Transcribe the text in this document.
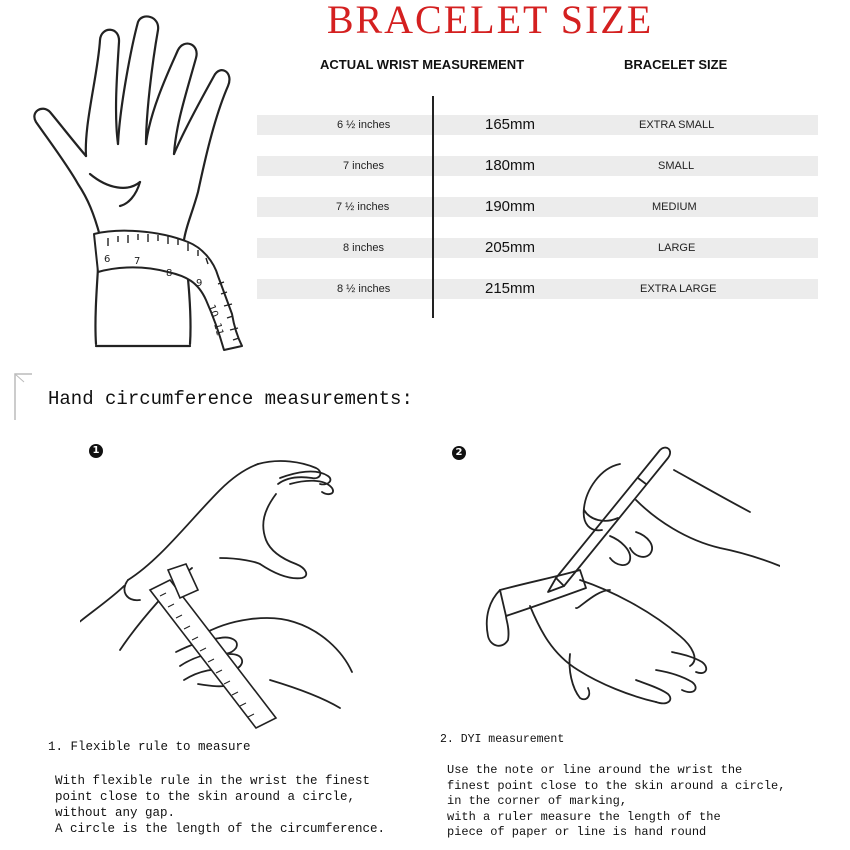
6 7
8
9
10
11
BRACELET SIZE
ACTUAL WRIST MEASUREMENT	BRACELET SIZE
6 ½ inches	165mm	EXTRA SMALL
7 inches	180mm	SMALL
7 ½ inches	190mm	MEDIUM
8 inches	205mm	LARGE
8 ½ inches	215mm	EXTRA LARGE
Hand circumference measurements:
1	2
1. Flexible rule to measure
With flexible rule in the wrist the finest
point close to the skin around a circle,
without any gap.
A circle is the length of the circumference.
2. DYI measurement
Use the note or line around the wrist the
finest point close to the skin around a circle,
in the corner of marking,
with a ruler measure the length of the
piece of paper or line is hand round
